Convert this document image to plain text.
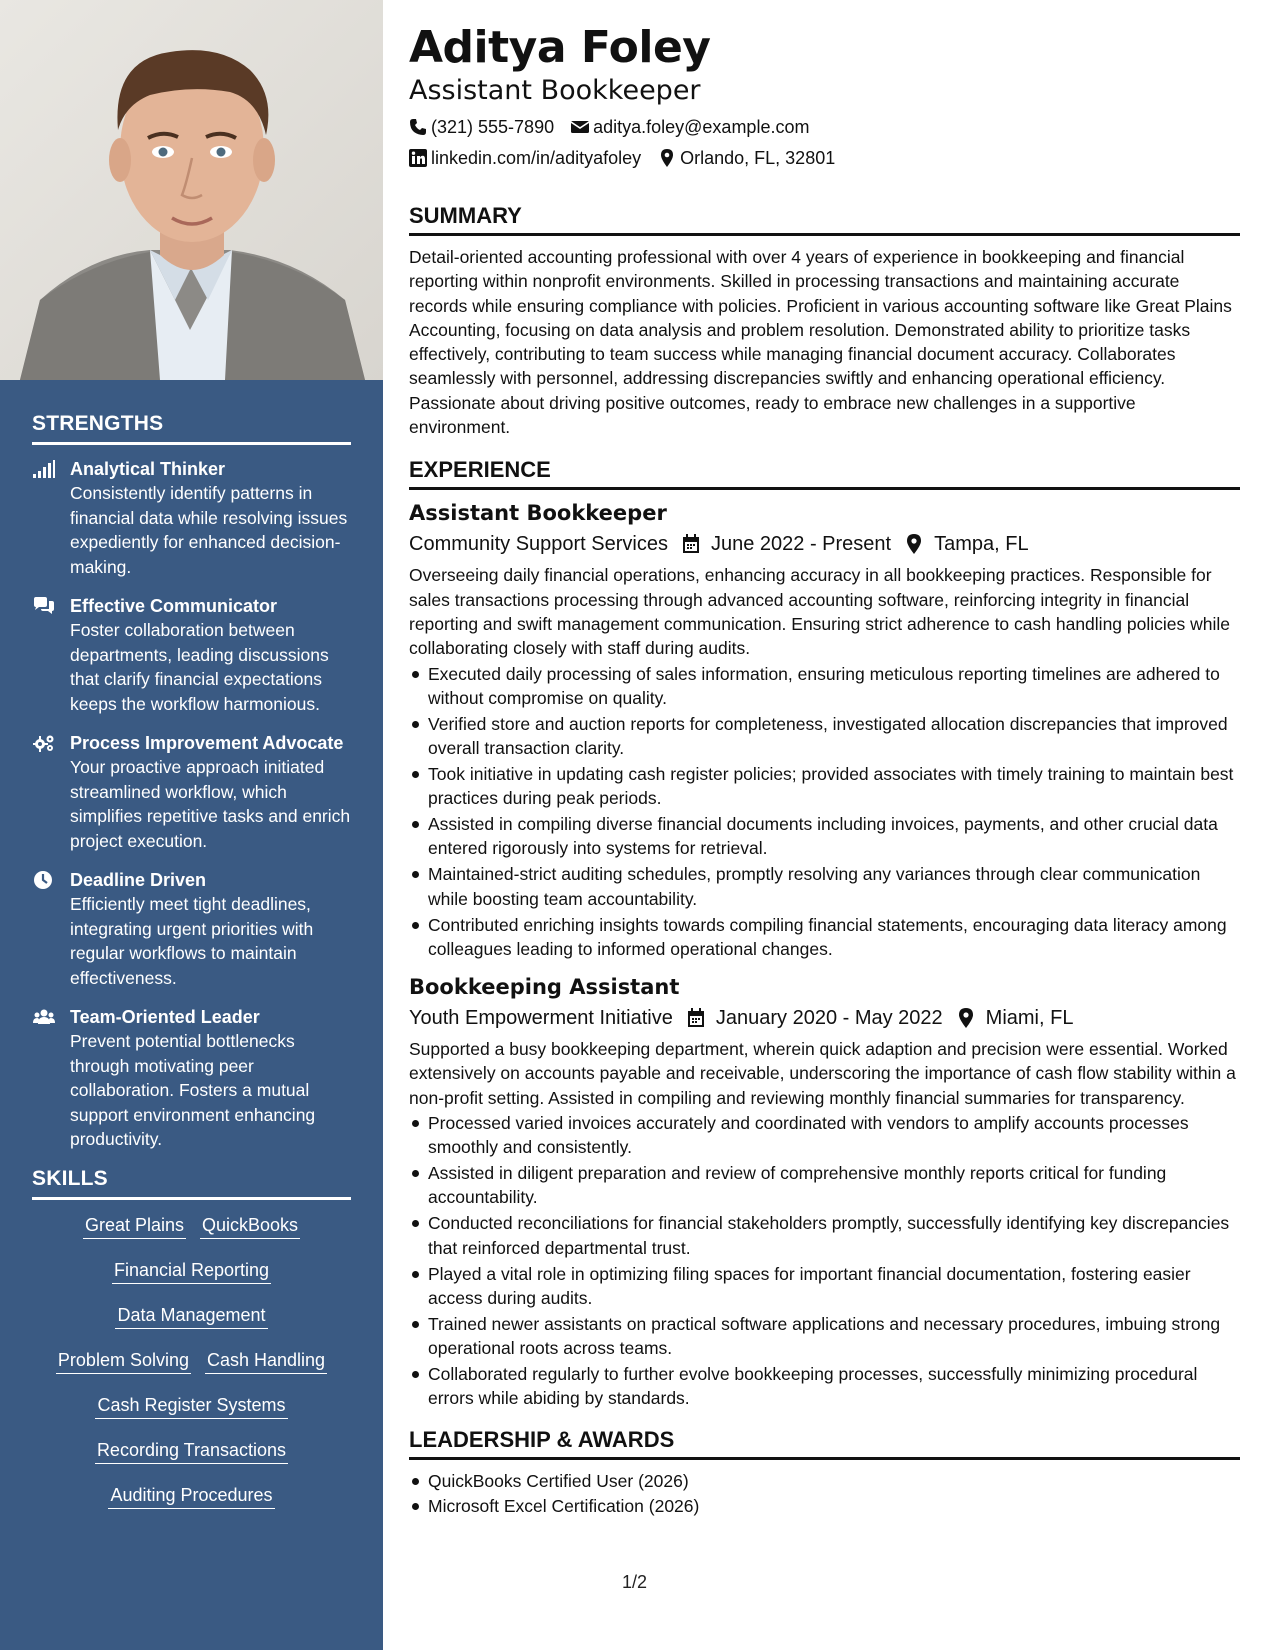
STRENGTHS
Analytical Thinker
Consistently identify patterns in financial data while resolving issues expediently for enhanced decision-making.
Effective Communicator
Foster collaboration between departments, leading discussions that clarify financial expectations keeps the workflow harmonious.
Process Improvement Advocate
Your proactive approach initiated streamlined workflow, which simplifies repetitive tasks and enrich project execution.
Deadline Driven
Efficiently meet tight deadlines, integrating urgent priorities with regular workflows to maintain effectiveness.
Team-Oriented Leader
Prevent potential bottlenecks through motivating peer collaboration. Fosters a mutual support environment enhancing productivity.
SKILLS
Great Plains QuickBooks
Financial Reporting
Data Management
Problem Solving Cash Handling
Cash Register Systems
Recording Transactions
Auditing Procedures
Aditya Foley
Assistant Bookkeeper
(321) 555-7890 aditya.foley@example.com
linkedin.com/in/adityafoley Orlando, FL, 32801
SUMMARY
Detail-oriented accounting professional with over 4 years of experience in bookkeeping and financial reporting within nonprofit environments. Skilled in processing transactions and maintaining accurate records while ensuring compliance with policies. Proficient in various accounting software like Great Plains Accounting, focusing on data analysis and problem resolution. Demonstrated ability to prioritize tasks effectively, contributing to team success while managing financial document accuracy. Collaborates seamlessly with personnel, addressing discrepancies swiftly and enhancing operational efficiency. Passionate about driving positive outcomes, ready to embrace new challenges in a supportive environment.
EXPERIENCE
Assistant Bookkeeper
Community Support Services June 2022 - Present Tampa, FL
Overseeing daily financial operations, enhancing accuracy in all bookkeeping practices. Responsible for sales transactions processing through advanced accounting software, reinforcing integrity in financial reporting and swift management communication. Ensuring strict adherence to cash handling policies while collaborating closely with staff during audits.
Executed daily processing of sales information, ensuring meticulous reporting timelines are adhered to without compromise on quality.
Verified store and auction reports for completeness, investigated allocation discrepancies that improved overall transaction clarity.
Took initiative in updating cash register policies; provided associates with timely training to maintain best practices during peak periods.
Assisted in compiling diverse financial documents including invoices, payments, and other crucial data entered rigorously into systems for retrieval.
Maintained-strict auditing schedules, promptly resolving any variances through clear communication while boosting team accountability.
Contributed enriching insights towards compiling financial statements, encouraging data literacy among colleagues leading to informed operational changes.
Bookkeeping Assistant
Youth Empowerment Initiative January 2020 - May 2022 Miami, FL
Supported a busy bookkeeping department, wherein quick adaption and precision were essential. Worked extensively on accounts payable and receivable, underscoring the importance of cash flow stability within a non-profit setting. Assisted in compiling and reviewing monthly financial summaries for transparency.
Processed varied invoices accurately and coordinated with vendors to amplify accounts processes smoothly and consistently.
Assisted in diligent preparation and review of comprehensive monthly reports critical for funding accountability.
Conducted reconciliations for financial stakeholders promptly, successfully identifying key discrepancies that reinforced departmental trust.
Played a vital role in optimizing filing spaces for important financial documentation, fostering easier access during audits.
Trained newer assistants on practical software applications and necessary procedures, imbuing strong operational roots across teams.
Collaborated regularly to further evolve bookkeeping processes, successfully minimizing procedural errors while abiding by standards.
LEADERSHIP & AWARDS
QuickBooks Certified User (2026)
Microsoft Excel Certification (2026)
1/2
